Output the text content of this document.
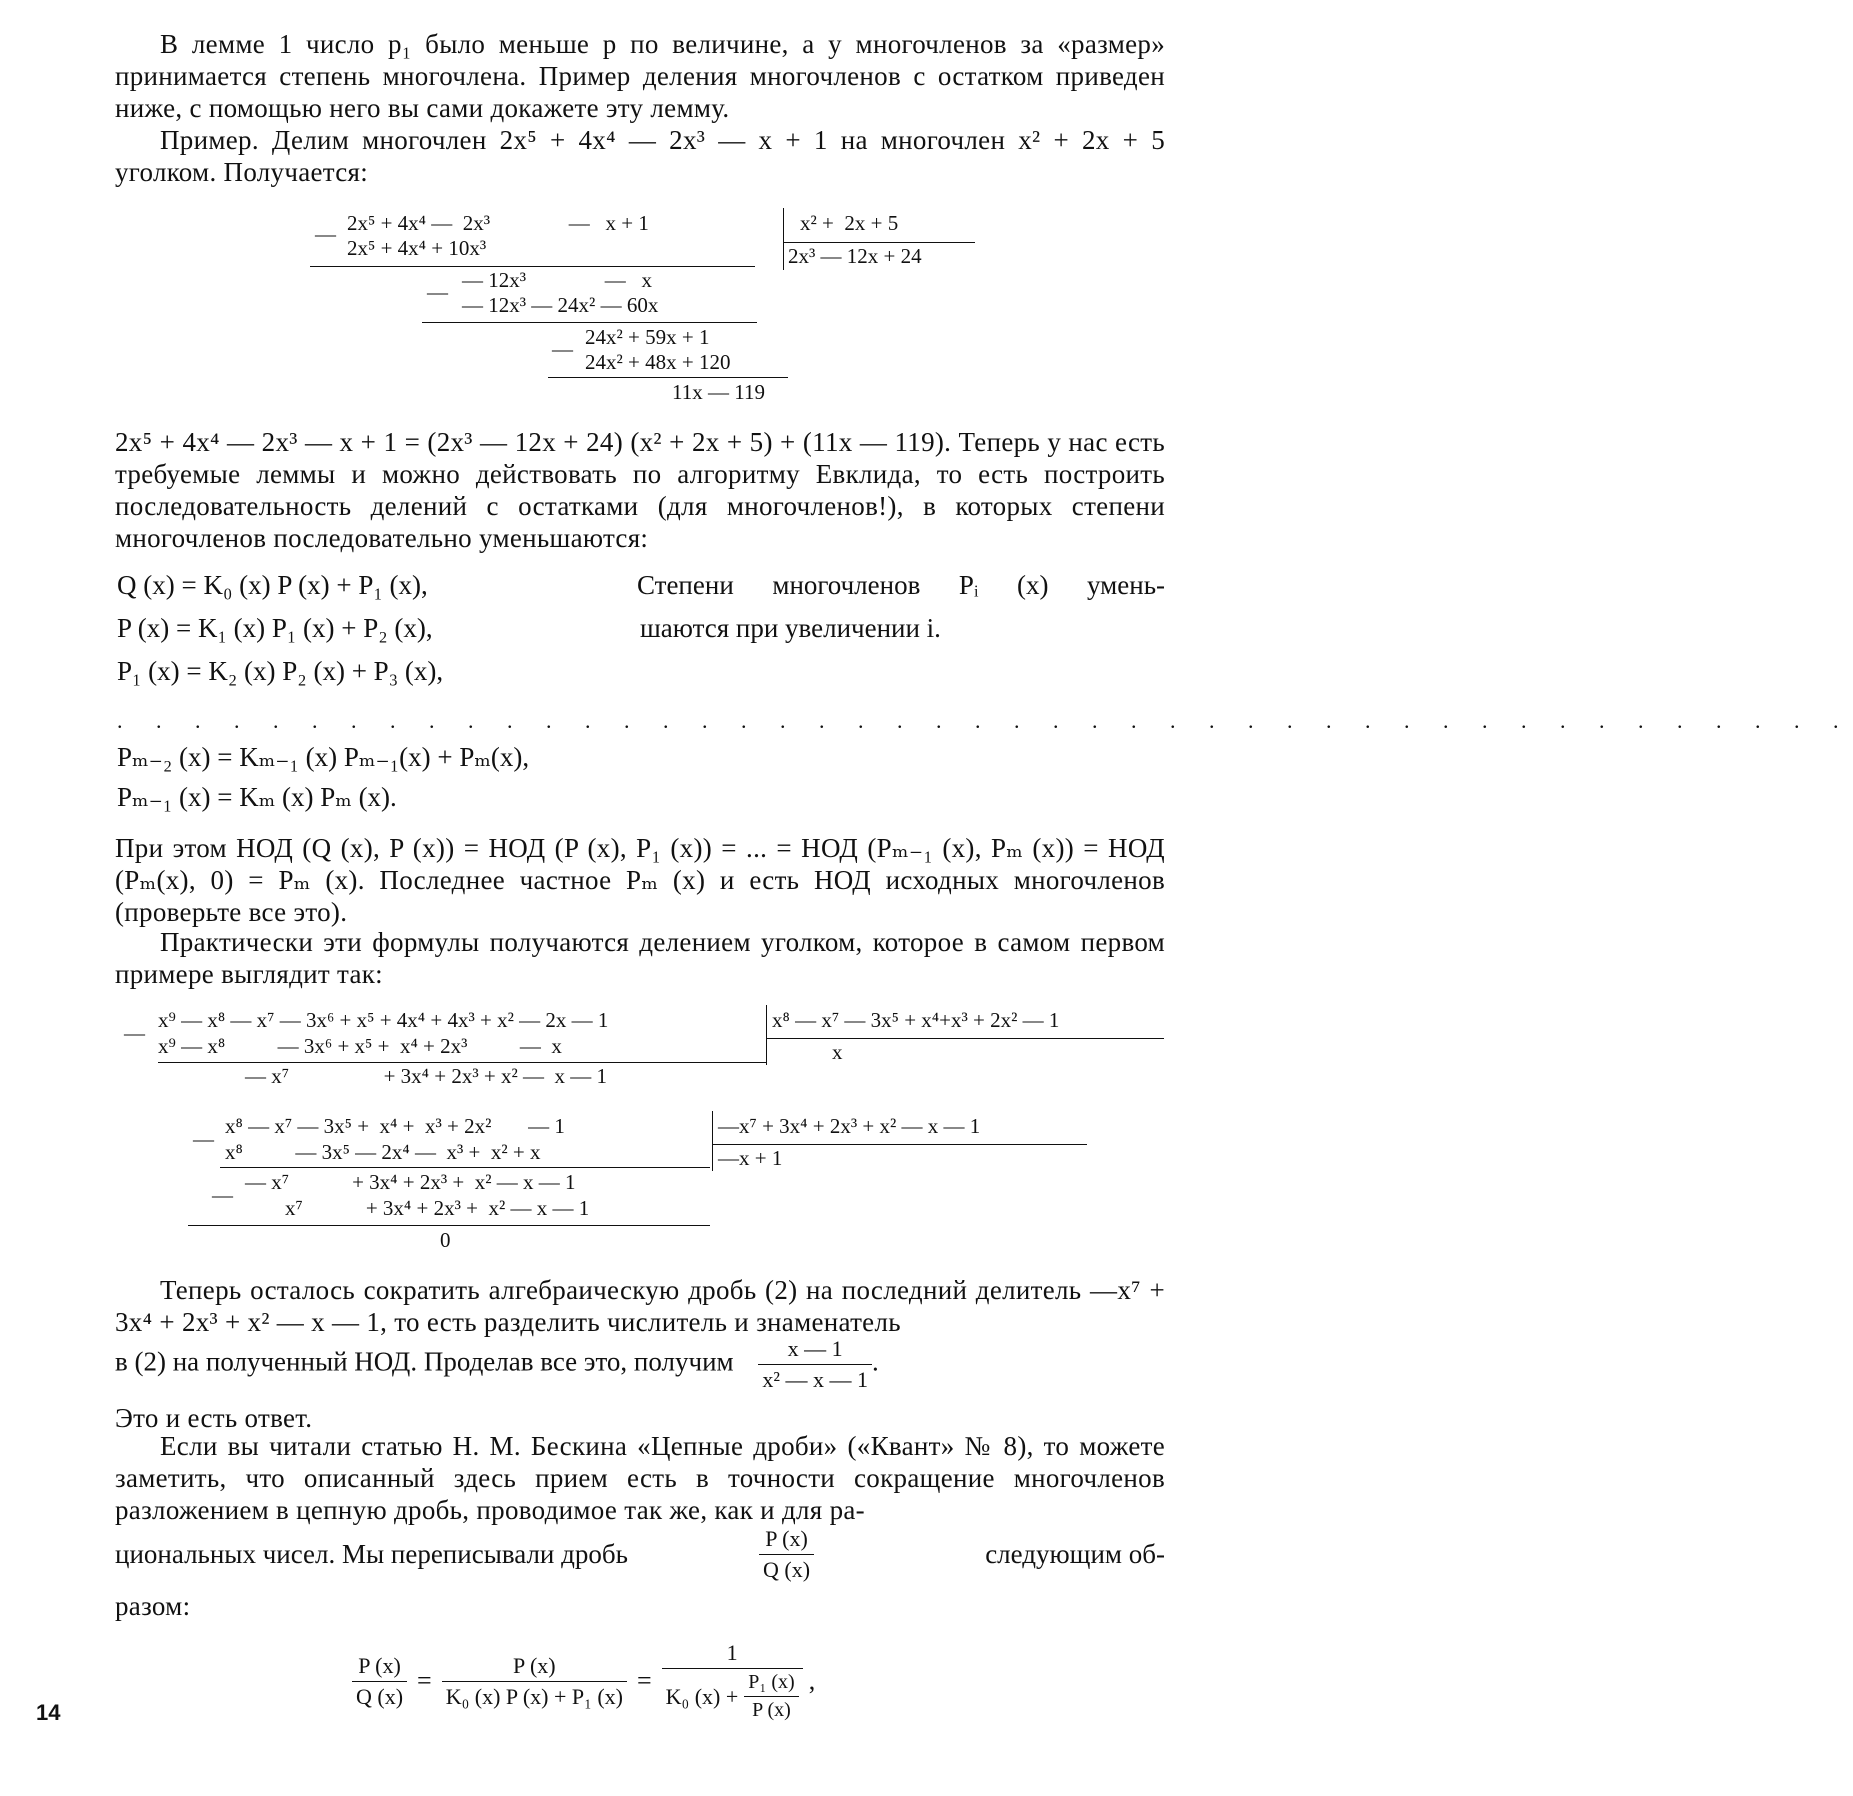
В лемме 1 число p₁ было меньше p по величине, а у многочленов за «размер» принимается степень многочлена. Пример деления многочленов с остатком приведен ниже, с помощью него вы сами докажете эту лемму.

Пример. Делим многочлен 2x⁵ + 4x⁴ — 2x³ — x + 1 на многочлен x² + 2x + 5 уголком. Получается:

2x⁵ + 4x⁴ —  2x³               —   x + 1
—
2x⁵ + 4x⁴ + 10x³
— 12x³               —   x
—
— 12x³ — 24x² — 60x
24x² + 59x + 1
—
24x² + 48x + 120
11x — 119
x² +  2x + 5
2x³ — 12x + 24

2x⁵ + 4x⁴ — 2x³ — x + 1 = (2x³ — 12x + 24) (x² + 2x + 5) + (11x — 119). Теперь у нас есть требуемые леммы и можно действовать по алгоритму Евклида, то есть построить последовательность делений с остатками (для многочленов!), в которых степени многочленов последовательно уменьшаются:

Q (x) = K₀ (x) P (x) + P₁ (x),
P (x) = K₁ (x) P₁ (x) + P₂ (x),
P₁ (x) = K₂ (x) P₂ (x) + P₃ (x),
Степени многочленов Pᵢ (x) умень-
шаются при увеличении i.
. . . . . . . . . . . . . . . . . . . . . . . . . . . . . . . . . . . . . . . . . . . . .
Pₘ₋₂ (x) = Kₘ₋₁ (x) Pₘ₋₁(x) + Pₘ(x),
Pₘ₋₁ (x) = Kₘ (x) Pₘ (x).

При этом НОД (Q (x), P (x)) = НОД (P (x), P₁ (x)) = ... = НОД (Pₘ₋₁ (x), Pₘ (x)) = НОД (Pₘ(x), 0) = Pₘ (x). Последнее частное Pₘ (x) и есть НОД исходных многочленов (проверьте все это).

Практически эти формулы получаются делением уголком, которое в самом первом примере выглядит так:

x⁹ — x⁸ — x⁷ — 3x⁶ + x⁵ + 4x⁴ + 4x³ + x² — 2x — 1
—
x⁹ — x⁸          — 3x⁶ + x⁵ +  x⁴ + 2x³          —  x
— x⁷                  + 3x⁴ + 2x³ + x² —  x — 1
x⁸ — x⁷ — 3x⁵ + x⁴+x³ + 2x² — 1
x
x⁸ — x⁷ — 3x⁵ +  x⁴ +  x³ + 2x²       — 1
—
x⁸          — 3x⁵ — 2x⁴ —  x³ +  x² + x
— x⁷            + 3x⁴ + 2x³ +  x² — x — 1
—
x⁷            + 3x⁴ + 2x³ +  x² — x — 1
0
—x⁷ + 3x⁴ + 2x³ + x² — x — 1
—x + 1

Теперь осталось сократить алгебраическую дробь (2) на последний делитель —x⁷ + 3x⁴ + 2x³ + x² — x — 1, то есть разделить числитель и знаменатель

в (2) на полученный НОД. Проделав все это, получим $\frac{x — 1}{\text{x² — x — 1}}$ .

Это и есть ответ.

Если вы читали статью Н. М. Бескина «Цепные дроби» («Квант» № 8), то можете заметить, что описанный здесь прием есть в точности сокращение многочленов разложением в цепную дробь, проводимое так же, как и для ра-

циональных чисел. Мы переписывали дробь	$\frac{P (x)}{Q (x)}$	следующим об-

разом:

$\frac{P (x)}{Q (x)} = \frac{P (x)}{\text{K₀ (x) P (x) + P₁ (x)}} = \frac{1}{K_0 (x) + \frac{\text{P₁ (x)}}{P (x)}}$ ,
14
